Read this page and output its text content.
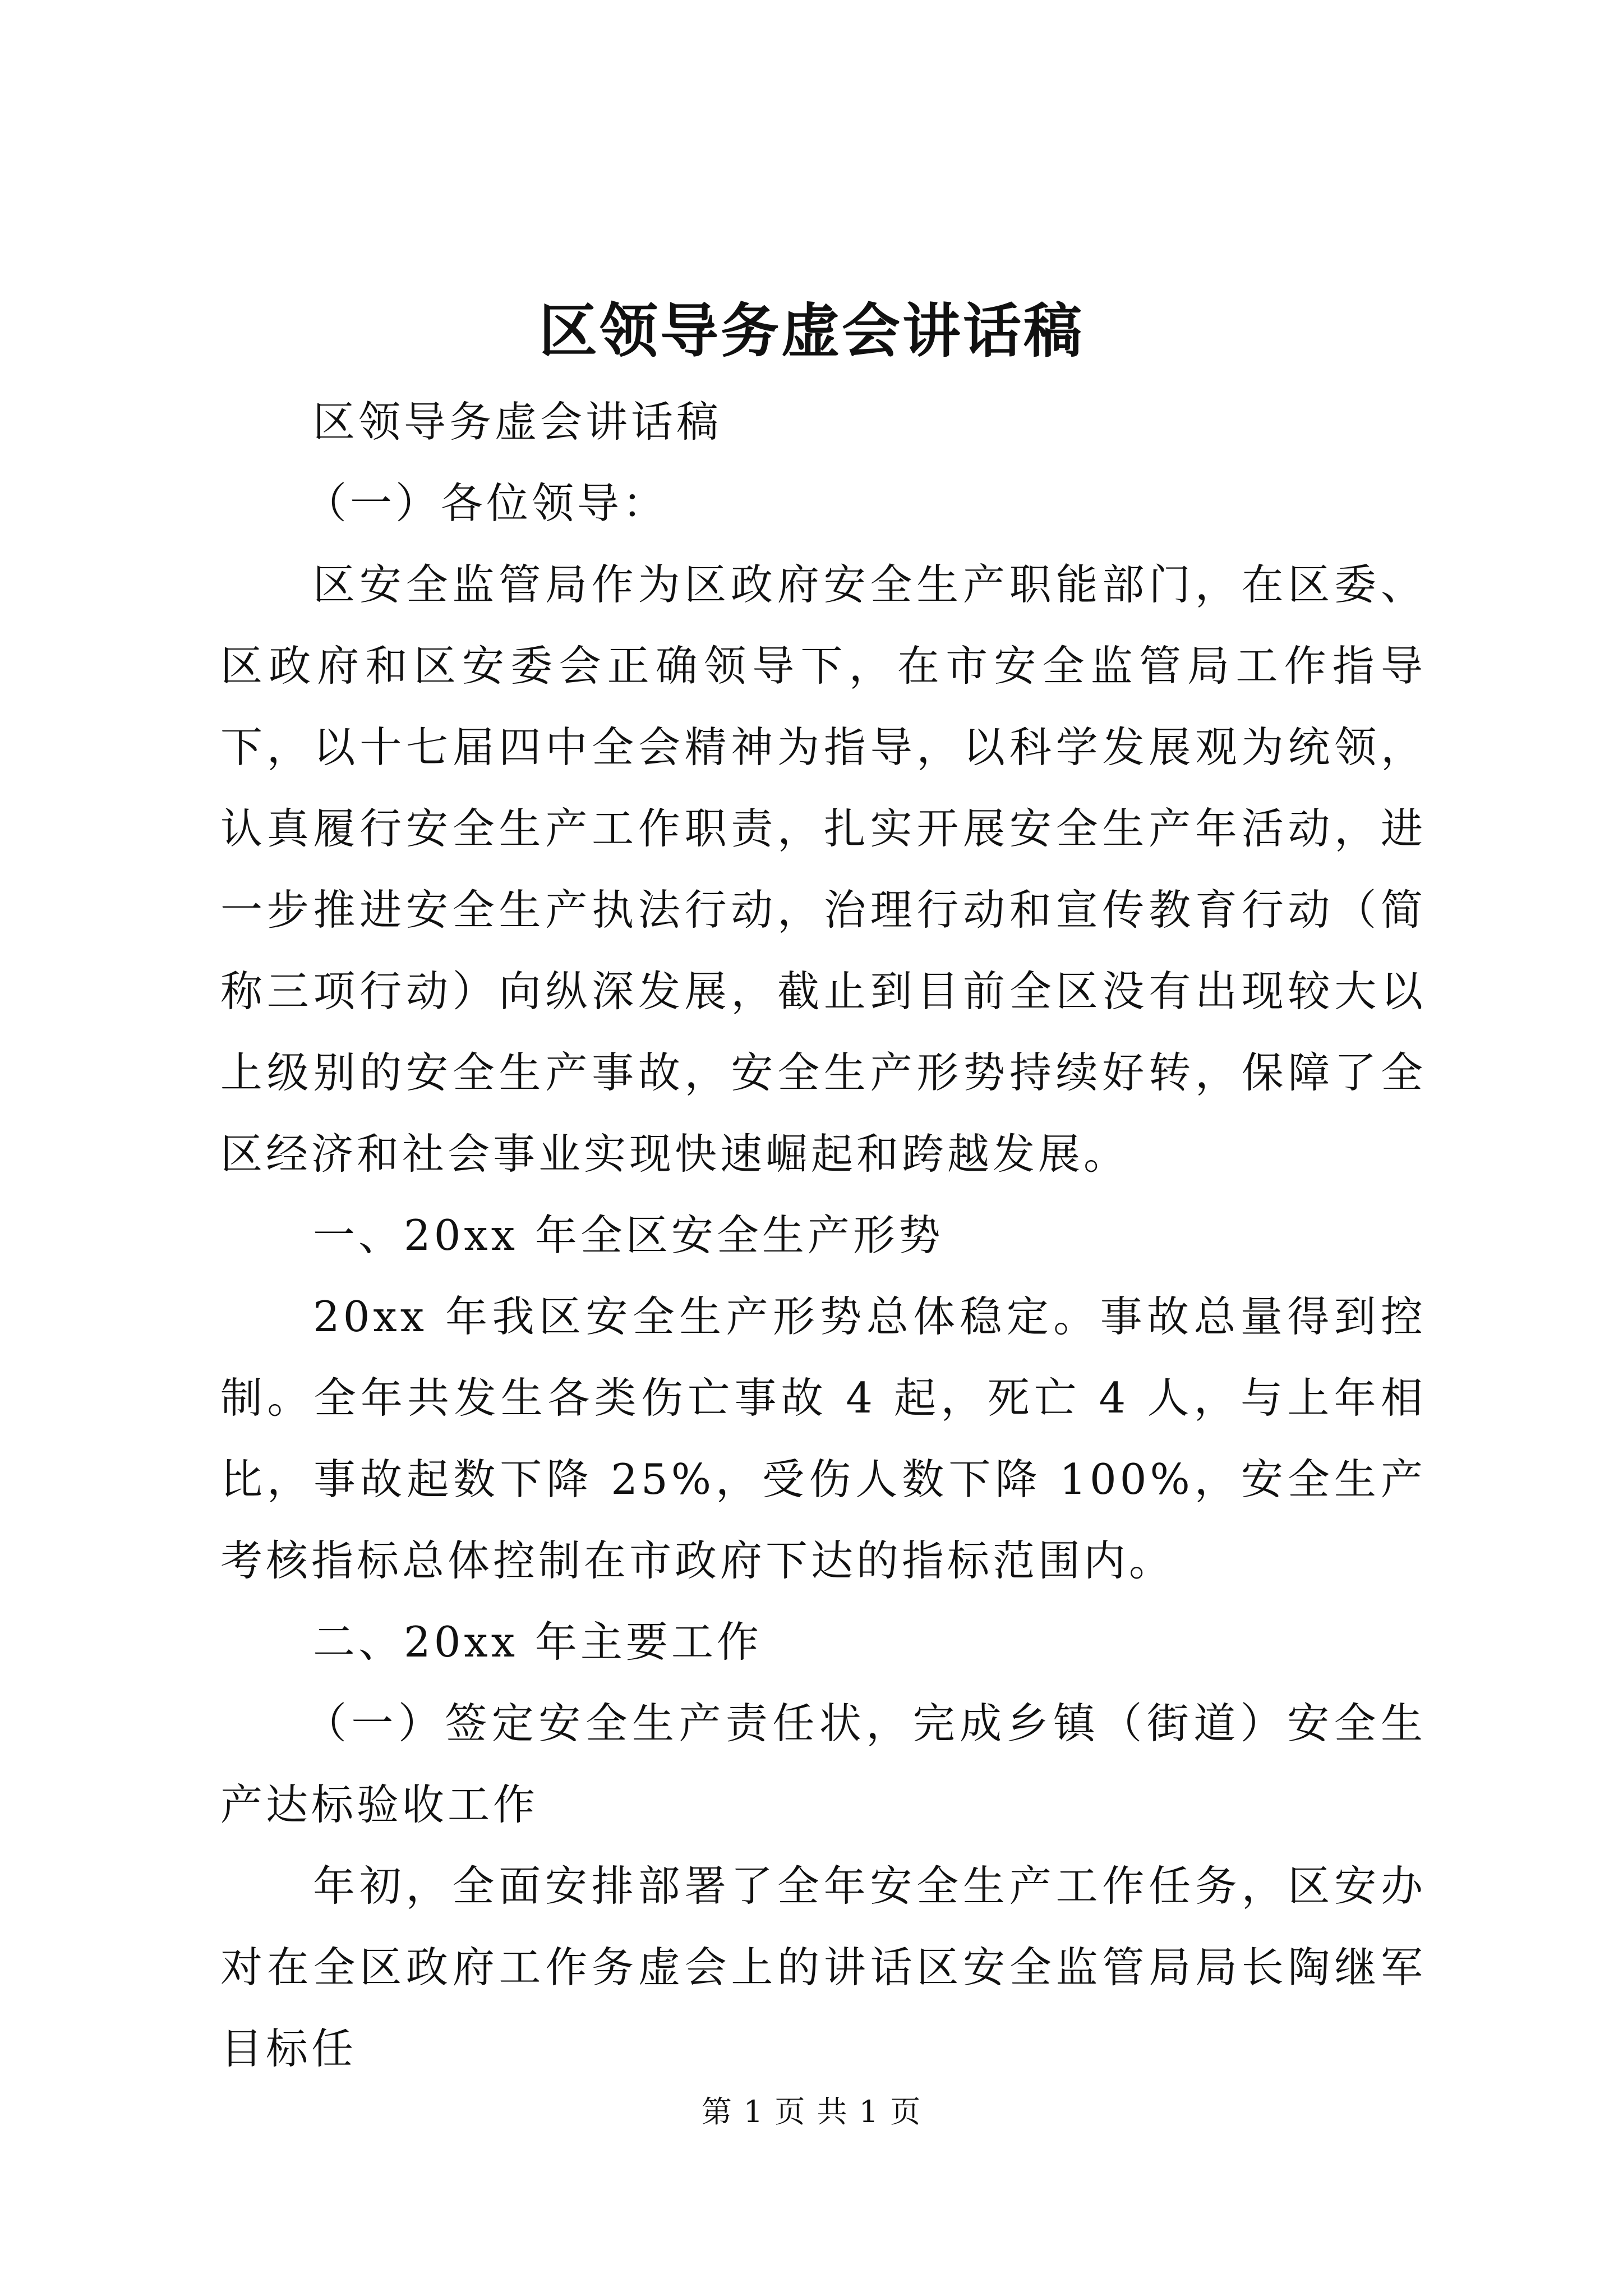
区领导务虚会讲话稿

区领导务虚会讲话稿

（一）各位领导：

区安全监管局作为区政府安全生产职能部门，在区委、区政府和区安委会正确领导下，在市安全监管局工作指导下，以十七届四中全会精神为指导，以科学发展观为统领，认真履行安全生产工作职责，扎实开展安全生产年活动，进一步推进安全生产执法行动，治理行动和宣传教育行动（简称三项行动）向纵深发展，截止到目前全区没有出现较大以上级别的安全生产事故，安全生产形势持续好转，保障了全区经济和社会事业实现快速崛起和跨越发展。

一、20xx 年全区安全生产形势

20xx 年我区安全生产形势总体稳定。事故总量得到控制。全年共发生各类伤亡事故 4 起，死亡 4 人，与上年相比，事故起数下降 25%，受伤人数下降 100%，安全生产考核指标总体控制在市政府下达的指标范围内。

二、20xx 年主要工作

（一）签定安全生产责任状，完成乡镇（街道）安全生产达标验收工作

年初，全面安排部署了全年安全生产工作任务，区安办对在全区政府工作务虚会上的讲话区安全监管局局长陶继军目标任

第 1 页 共 1 页
